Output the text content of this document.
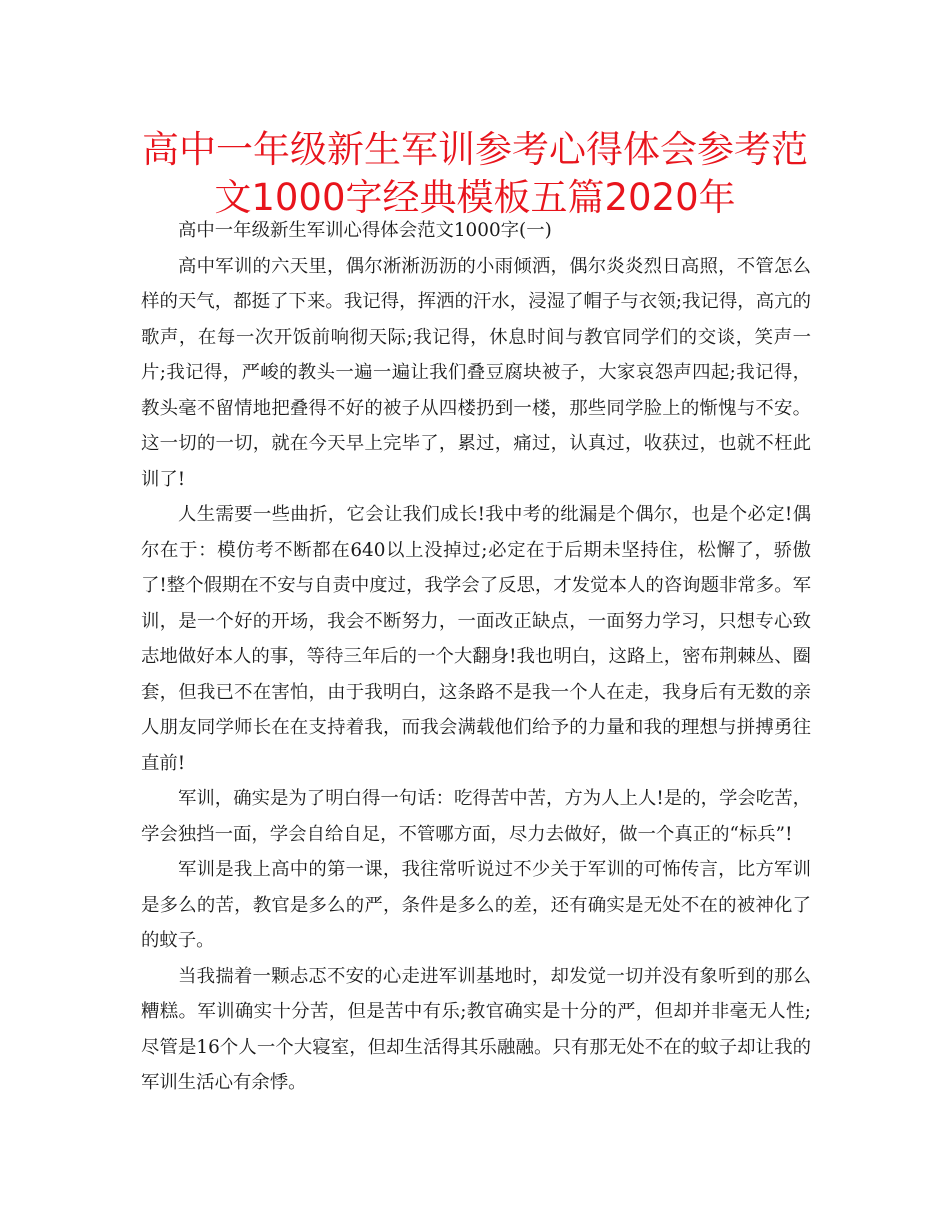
高中一年级新生军训参考心得体会参考范文1000字经典模板五篇2020年

高中一年级新生军训心得体会范文1000字(一)

高中军训的六天里，偶尔淅淅沥沥的小雨倾洒，偶尔炎炎烈日高照，不管怎么样的天气，都挺了下来。我记得，挥洒的汗水，浸湿了帽子与衣领;我记得，高亢的歌声，在每一次开饭前响彻天际;我记得，休息时间与教官同学们的交谈，笑声一片;我记得，严峻的教头一遍一遍让我们叠豆腐块被子，大家哀怨声四起;我记得，教头毫不留情地把叠得不好的被子从四楼扔到一楼，那些同学脸上的惭愧与不安。这一切的一切，就在今天早上完毕了，累过，痛过，认真过，收获过，也就不枉此训了!

人生需要一些曲折，它会让我们成长!我中考的纰漏是个偶尔，也是个必定!偶尔在于：模仿考不断都在640以上没掉过;必定在于后期未坚持住，松懈了，骄傲了!整个假期在不安与自责中度过，我学会了反思，才发觉本人的咨询题非常多。军训，是一个好的开场，我会不断努力，一面改正缺点，一面努力学习，只想专心致志地做好本人的事，等待三年后的一个大翻身!我也明白，这路上，密布荆棘丛、圈套，但我已不在害怕，由于我明白，这条路不是我一个人在走，我身后有无数的亲人朋友同学师长在在支持着我，而我会满载他们给予的力量和我的理想与拼搏勇往直前!

军训，确实是为了明白得一句话：吃得苦中苦，方为人上人!是的，学会吃苦，学会独挡一面，学会自给自足，不管哪方面，尽力去做好，做一个真正的“标兵”!

军训是我上高中的第一课，我往常听说过不少关于军训的可怖传言，比方军训是多么的苦，教官是多么的严，条件是多么的差，还有确实是无处不在的被神化了的蚊子。

当我揣着一颗忐忑不安的心走进军训基地时，却发觉一切并没有象听到的那么糟糕。军训确实十分苦，但是苦中有乐;教官确实是十分的严，但却并非毫无人性;尽管是16个人一个大寝室，但却生活得其乐融融。只有那无处不在的蚊子却让我的军训生活心有余悸。
